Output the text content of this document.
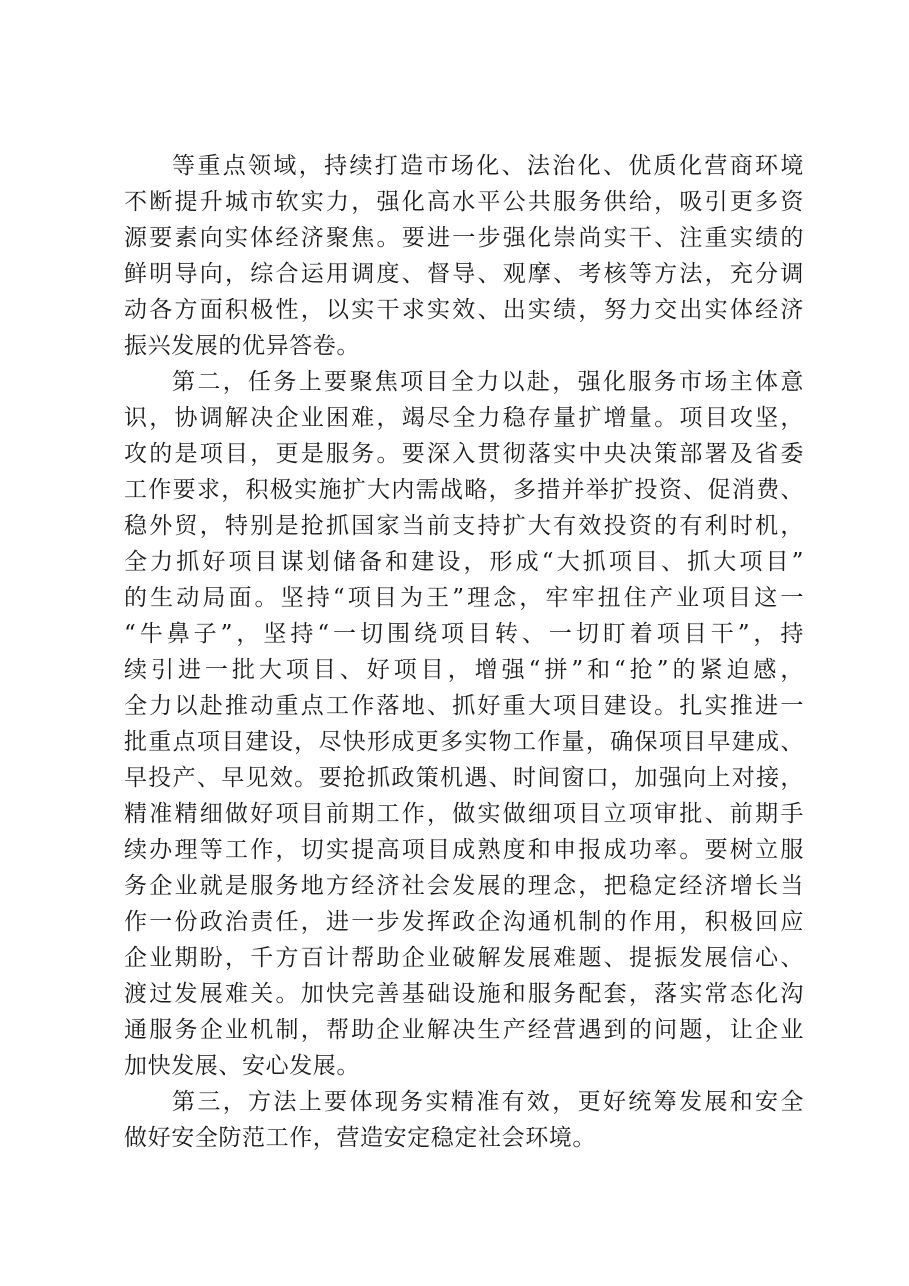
等重点领域，持续打造市场化、法治化、优质化营商环境
不断提升城市软实力，强化高水平公共服务供给，吸引更多资
源要素向实体经济聚焦。要进一步强化崇尚实干、注重实绩的
鲜明导向，综合运用调度、督导、观摩、考核等方法，充分调
动各方面积极性，以实干求实效、出实绩，努力交出实体经济
振兴发展的优异答卷。
第二，任务上要聚焦项目全力以赴，强化服务市场主体意
识，协调解决企业困难，竭尽全力稳存量扩增量。项目攻坚，
攻的是项目，更是服务。要深入贯彻落实中央决策部署及省委
工作要求，积极实施扩大内需战略，多措并举扩投资、促消费、
稳外贸，特别是抢抓国家当前支持扩大有效投资的有利时机，
全力抓好项目谋划储备和建设，形成“大抓项目、抓大项目”
的生动局面。坚持“项目为王”理念，牢牢扭住产业项目这一
“牛鼻子”，坚持“一切围绕项目转、一切盯着项目干”，持
续引进一批大项目、好项目，增强“拼”和“抢”的紧迫感，
全力以赴推动重点工作落地、抓好重大项目建设。扎实推进一
批重点项目建设，尽快形成更多实物工作量，确保项目早建成、
早投产、早见效。要抢抓政策机遇、时间窗口，加强向上对接，
精准精细做好项目前期工作，做实做细项目立项审批、前期手
续办理等工作，切实提高项目成熟度和申报成功率。要树立服
务企业就是服务地方经济社会发展的理念，把稳定经济增长当
作一份政治责任，进一步发挥政企沟通机制的作用，积极回应
企业期盼，千方百计帮助企业破解发展难题、提振发展信心、
渡过发展难关。加快完善基础设施和服务配套，落实常态化沟
通服务企业机制，帮助企业解决生产经营遇到的问题，让企业
加快发展、安心发展。
第三，方法上要体现务实精准有效，更好统筹发展和安全
做好安全防范工作，营造安定稳定社会环境。
